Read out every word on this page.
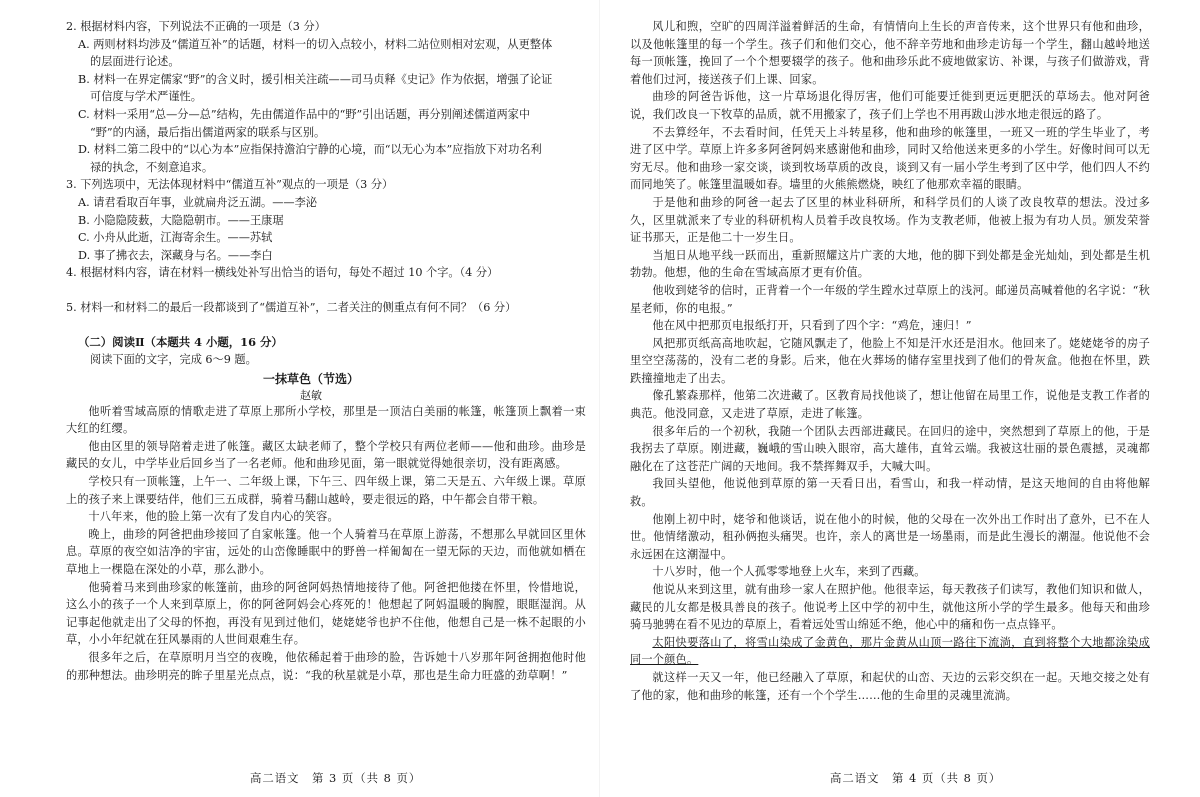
2. 根据材料内容，下列说法不正确的一项是（3 分）

A. 两则材料均涉及“儒道互补”的话题，材料一的切入点较小，材料二站位则相对宏观，从更整体

的层面进行论述。

B. 材料一在界定儒家“野”的含义时，援引相关注疏——司马贞释《史记》作为依据，增强了论证

可信度与学术严谨性。

C. 材料一采用“总—分—总”结构，先由儒道作品中的“野”引出话题，再分别阐述儒道两家中

“野”的内涵，最后指出儒道两家的联系与区别。

D. 材料二第二段中的“以心为本”应指保持澹泊宁静的心境，而“以无心为本”应指放下对功名利

禄的执念，不刻意追求。

3. 下列选项中，无法体现材料中“儒道互补”观点的一项是（3 分）

A. 请君看取百年事，业就扁舟泛五湖。——李泌

B. 小隐隐陵薮，大隐隐朝市。——王康琚

C. 小舟从此逝，江海寄余生。——苏轼

D. 事了拂衣去，深藏身与名。——李白

4. 根据材料内容，请在材料一横线处补写出恰当的语句，每处不超过 10 个字。（4 分）

5. 材料一和材料二的最后一段都谈到了“儒道互补”，二者关注的侧重点有何不同？（6 分）

（二）阅读Ⅱ（本题共 4 小题，16 分）

阅读下面的文字，完成 6～9 题。

一抹草色（节选）

赵敏

他听着雪域高原的情歌走进了草原上那所小学校，那里是一顶洁白美丽的帐篷，帐篷顶上飘着一束大红的红缨。

他由区里的领导陪着走进了帐篷。藏区太缺老师了，整个学校只有两位老师——他和曲珍。曲珍是藏民的女儿，中学毕业后回乡当了一名老师。他和曲珍见面，第一眼就觉得她很亲切，没有距离感。

学校只有一顶帐篷，上午一、二年级上课，下午三、四年级上课，第二天是五、六年级上课。草原上的孩子来上课要结伴，他们三五成群，骑着马翻山越岭，要走很远的路，中午都会自带干粮。

十八年来，他的脸上第一次有了发自内心的笑容。

晚上，曲珍的阿爸把曲珍接回了自家帐篷。他一个人骑着马在草原上游荡，不想那么早就回区里休息。草原的夜空如洁净的宇宙，远处的山峦像睡眠中的野兽一样匍匐在一望无际的天边，而他就如栖在草地上一棵隐在深处的小草，那么渺小。

他骑着马来到曲珍家的帐篷前，曲珍的阿爸阿妈热情地接待了他。阿爸把他搂在怀里，怜惜地说，这么小的孩子一个人来到草原上，你的阿爸阿妈会心疼死的！他想起了阿妈温暖的胸膛，眼眶湿润。从记事起他就走出了父母的怀抱，再没有见到过他们，姥姥姥爷也护不住他，他想自己是一株不起眼的小草，小小年纪就在狂风暴雨的人世间艰难生存。

很多年之后，在草原明月当空的夜晚，他依稀起着于曲珍的脸，告诉她十八岁那年阿爸拥抱他时他的那种想法。曲珍明亮的眸子里星光点点，说：“我的秋星就是小草，那也是生命力旺盛的劲草啊！”

高二语文　第 3 页（共 8 页）

风儿和煦，空旷的四周洋溢着鲜活的生命，有情情向上生长的声音传来，这个世界只有他和曲珍，以及他帐篷里的每一个学生。孩子们和他们交心，他不辞辛劳地和曲珍走访每一个学生，翻山越岭地送每一顶帐篷，挽回了一个个想要辍学的孩子。他和曲珍乐此不疲地做家访、补课，与孩子们做游戏，背着他们过河，接送孩子们上课、回家。

曲珍的阿爸告诉他，这一片草场退化得厉害，他们可能要迁徙到更远更肥沃的草场去。他对阿爸说，我们改良一下牧草的品质，就不用搬家了，孩子们上学也不用再跋山涉水地走很远的路了。

不去算经年，不去看时间，任凭天上斗转星移，他和曲珍的帐篷里，一班又一班的学生毕业了，考进了区中学。草原上许多多阿爸阿妈来感谢他和曲珍，同时又给他送来更多的小学生。好像时间可以无穷无尽。他和曲珍一家交谈，谈到牧场草质的改良，谈到又有一届小学生考到了区中学，他们四人不约而同地笑了。帐篷里温暖如春。墙里的火熊熊燃烧，映红了他那欢幸福的眼睛。

于是他和曲珍的阿爸一起去了区里的林业科研所，和科学员们的人谈了改良牧草的想法。没过多久，区里就派来了专业的科研机构人员着手改良牧场。作为支教老师，他被上报为有功人员。颁发荣誉证书那天，正是他二十一岁生日。

当旭日从地平线一跃而出，重新照耀这片广袤的大地，他的脚下到处都是金光灿灿，到处都是生机勃勃。他想，他的生命在雪域高原才更有价值。

他收到姥爷的信时，正背着一个一年级的学生蹚水过草原上的浅河。邮递员高喊着他的名字说：“秋星老师，你的电报。”

他在风中把那页电报纸打开，只看到了四个字：“鸡危，速归！”

风把那页纸高高地吹起，它随风飘走了，他脸上不知是汗水还是泪水。他回来了。姥姥姥爷的房子里空空荡荡的，没有二老的身影。后来，他在火葬场的储存室里找到了他们的骨灰盒。他抱在怀里，跌跌撞撞地走了出去。

像孔繁森那样，他第二次进藏了。区教育局找他谈了，想让他留在局里工作，说他是支教工作者的典范。他没同意，又走进了草原，走进了帐篷。

很多年后的一个初秋，我随一个团队去西部进藏民。在回归的途中，突然想到了草原上的他，于是我拐去了草原。刚进藏，巍峨的雪山映入眼帘，高大雄伟，直耸云端。我被这壮丽的景色震撼，灵魂都融化在了这苍茫广阔的天地间。我不禁挥舞双手，大喊大叫。

我回头望他，他说他到草原的第一天看日出，看雪山，和我一样动情，是这天地间的自由将他解救。

他刚上初中时，姥爷和他谈话，说在他小的时候，他的父母在一次外出工作时出了意外，已不在人世。他情绪激动，租孙俩抱头痛哭。也许，亲人的离世是一场墨雨，而是此生漫长的潮湿。他说他不会永远困在这潮湿中。

十八岁时，他一个人孤零零地登上火车，来到了西藏。

他说从来到这里，就有曲珍一家人在照护他。他很幸运，每天教孩子们读写，教他们知识和做人，藏民的儿女都是极具善良的孩子。他说考上区中学的初中生，就他这所小学的学生最多。他每天和曲珍骑马驰骋在看不见边的草原上，看着远处雪山绵延不绝，他心中的痛和伤一点点锋平。

太阳快要落山了，将雪山染成了金黄色，那片金黄从山顶一路往下流淌，直到将整个大地都涂染成同一个颜色。

就这样一天又一年，他已经融入了草原，和起伏的山峦、天边的云彩交织在一起。天地交接之处有了他的家，他和曲珍的帐篷，还有一个个学生……他的生命里的灵魂里流淌。

高二语文　第 4 页（共 8 页）
